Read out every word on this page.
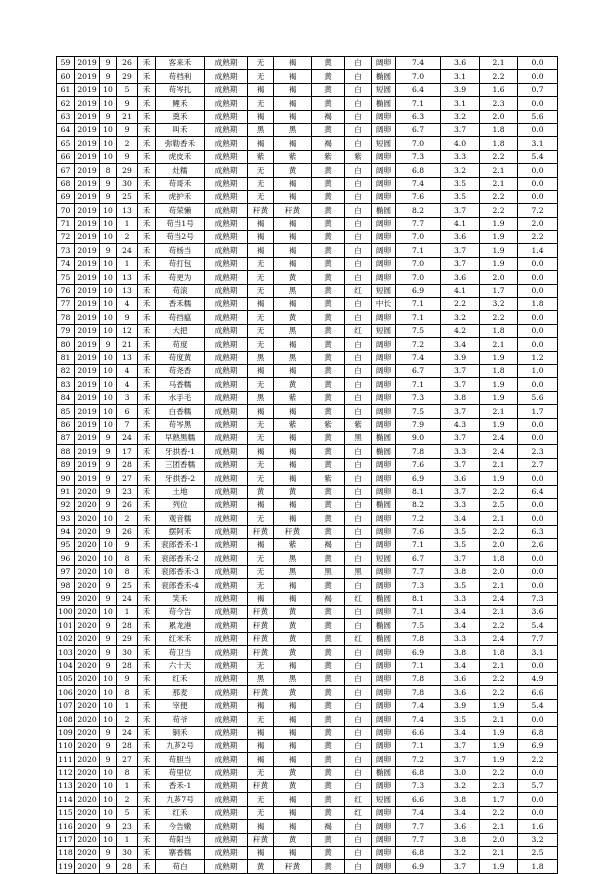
59	2019	9	26	禾	客来禾	成熟期	无	褐	黄	白	阔卵	7.4	3.6	2.1	0.0
60	2019	9	29	禾	苟档利	成熟期	无	褐	黄	白	椭圆	7.0	3.1	2.2	0.0
61	2019	10	5	禾	苟岑扎	成熟期	褐	褐	黄	白	短圆	6.4	3.9	1.6	0.7
62	2019	10	9	禾	鲤禾	成熟期	无	褐	黄	白	椭圆	7.1	3.1	2.3	0.0
63	2019	9	21	禾	奠禾	成熟期	褐	褐	褐	白	阔卵	6.3	3.2	2.0	5.6
64	2019	10	9	禾	叫禾	成熟期	黑	黑	黄	白	阔卵	6.7	3.7	1.8	0.0
65	2019	10	2	禾	弥勒香禾	成熟期	褐	褐	褐	白	短圆	7.0	4.0	1.8	3.1
66	2019	10	9	禾	虎皮禾	成熟期	紫	紫	紫	紫	阔卵	7.3	3.3	2.2	5.4
67	2019	8	29	禾	灶糯	成熟期	无	黄	黄	白	阔卵	6.8	3.2	2.1	0.0
68	2019	9	30	禾	苟哥禾	成熟期	无	褐	黄	白	阔卵	7.4	3.5	2.1	0.0
69	2019	9	25	禾	虎护禾	成熟期	无	褐	黄	白	阔卵	7.6	3.5	2.2	0.0
70	2019	10	13	禾	苟荣懒	成熟期	秆黄	秆黄	黄	白	椭圆	8.2	3.7	2.2	7.2
71	2019	10	1	禾	苟当1号	成熟期	褐	褐	黄	白	阔卵	7.7	4.1	1.9	2.0
72	2019	10	2	禾	苟当2号	成熟期	褐	褐	黄	白	阔卵	7.0	3.6	1.9	2.2
73	2019	9	24	禾	苟杨当	成熟期	褐	褐	黄	白	阔卵	7.1	3.7	1.9	1.4
74	2019	10	1	禾	苟打包	成熟期	无	褐	黄	白	阔卵	7.0	3.7	1.9	0.0
75	2019	10	13	禾	苟更为	成熟期	无	黄	黄	白	阔卵	7.0	3.6	2.0	0.0
76	2019	10	13	禾	苟滚	成熟期	无	黑	黄	红	短圆	6.9	4.1	1.7	0.0
77	2019	10	4	禾	香禾糯	成熟期	褐	褐	黄	白	中长	7.1	2.2	3.2	1.8
78	2019	10	9	禾	苟挡瘟	成熟期	无	黄	黄	白	阔卵	7.1	3.2	2.2	0.0
79	2019	10	12	禾	大把	成熟期	无	黑	黄	红	短圆	7.5	4.2	1.8	0.0
80	2019	9	21	禾	苟度	成熟期	无	褐	黄	白	阔卵	7.2	3.4	2.1	0.0
81	2019	10	13	禾	苟度黄	成熟期	黑	黑	黄	白	阔卵	7.4	3.9	1.9	1.2
82	2019	10	4	禾	苟尧香	成熟期	褐	褐	黄	白	阔卵	6.7	3.7	1.8	1.0
83	2019	10	4	禾	马香糯	成熟期	无	黄	黄	白	阔卵	7.1	3.7	1.9	0.0
84	2019	10	3	禾	水手毛	成熟期	黑	紫	黄	白	阔卵	7.3	3.8	1.9	5.6
85	2019	10	6	禾	白香糯	成熟期	褐	褐	黄	白	阔卵	7.5	3.7	2.1	1.7
86	2019	10	7	禾	苟岑黑	成熟期	无	紫	紫	紫	阔卵	7.9	4.3	1.9	0.0
87	2019	9	24	禾	早熟黑糯	成熟期	无	褐	黄	黑	椭圆	9.0	3.7	2.4	0.0
88	2019	9	17	禾	牙拱香-1	成熟期	褐	褐	黄	白	椭圆	7.8	3.3	2.4	2.3
89	2019	9	28	禾	三团香糯	成熟期	无	褐	黄	白	阔卵	7.6	3.7	2.1	2.7
90	2019	9	27	禾	牙拱香-2	成熟期	无	褐	紫	白	阔卵	6.9	3.6	1.9	0.0
91	2020	9	23	禾	土地	成熟期	黄	黄	黄	白	阔卵	8.1	3.7	2.2	6.4
92	2020	9	26	禾	列位	成熟期	褐	褐	黄	白	椭圆	8.2	3.3	2.5	0.0
93	2020	10	2	禾	观音糯	成熟期	无	褐	黄	白	阔卵	7.2	3.4	2.1	0.0
94	2020	9	26	禾	摆阿禾	成熟期	秆黄	秆黄	黄	白	阔卵	7.6	3.5	2.2	6.3
95	2020	10	9	禾	衮郎香禾-1	成熟期	褐	紫	褐	白	阔卵	7.1	3.5	2.0	2.6
96	2020	10	8	禾	衮郎香禾-2	成熟期	无	黑	黄	白	短圆	6.7	3.7	1.8	0.0
97	2020	10	8	禾	衮郎香禾-3	成熟期	无	黑	黑	黑	阔卵	7.7	3.8	2.0	0.0
98	2020	9	25	禾	衮郎香禾-4	成熟期	无	褐	黄	白	阔卵	7.3	3.5	2.1	0.0
99	2020	9	24	禾	笑禾	成熟期	褐	褐	褐	红	椭圆	8.1	3.3	2.4	7.3
100	2020	10	1	禾	苟今告	成熟期	秆黄	黄	黄	白	阔卵	7.1	3.4	2.1	3.6
101	2020	9	28	禾	累龙港	成熟期	秆黄	黄	黄	白	椭圆	7.5	3.4	2.2	5.4
102	2020	9	29	禾	红米禾	成熟期	秆黄	黄	黄	红	椭圆	7.8	3.3	2.4	7.7
103	2020	9	30	禾	苟卫当	成熟期	秆黄	黄	黄	白	阔卵	6.9	3.8	1.8	3.1
104	2020	9	28	禾	六十天	成熟期	无	褐	黄	白	阔卵	7.1	3.4	2.1	0.0
105	2020	10	9	禾	红禾	成熟期	黑	黑	黄	白	阔卵	7.8	3.6	2.2	4.9
106	2020	10	8	禾	那麦	成熟期	秆黄	黄	黄	白	阔卵	7.8	3.6	2.2	6.6
107	2020	10	1	禾	宰便	成熟期	褐	褐	黄	白	阔卵	7.4	3.9	1.9	5.4
108	2020	10	2	禾	苟爷	成熟期	无	褐	黄	白	阔卵	7.4	3.5	2.1	0.0
109	2020	9	24	禾	铜禾	成熟期	褐	褐	黄	白	阔卵	6.6	3.4	1.9	6.8
110	2020	9	28	禾	九芗2号	成熟期	褐	褐	黄	白	阔卵	7.1	3.7	1.9	6.9
111	2020	9	27	禾	苟胆当	成熟期	褐	褐	黄	白	阔卵	7.2	3.7	1.9	2.2
112	2020	10	8	禾	苟里位	成熟期	无	黄	黄	白	椭圆	6.8	3.0	2.2	0.0
113	2020	10	1	禾	香禾-1	成熟期	秆黄	黄	黄	白	阔卵	7.3	3.2	2.3	5.7
114	2020	10	2	禾	九芗7号	成熟期	无	褐	黄	红	短圆	6.6	3.8	1.7	0.0
115	2020	10	5	禾	红禾	成熟期	无	褐	黄	红	阔卵	7.4	3.4	2.2	0.0
116	2020	9	23	禾	今告嫩	成熟期	褐	褐	褐	白	阔卵	7.7	3.6	2.1	1.6
117	2020	10	1	禾	苟阳当	成熟期	秆黄	黄	黄	白	阔卵	7.7	3.8	2.0	3.2
118	2020	9	30	禾	寨香糯	成熟期	褐	褐	黄	白	阔卵	6.8	3.2	2.1	2.5
119	2020	9	28	禾	苟白	成熟期	黄	秆黄	黄	白	阔卵	6.9	3.7	1.9	1.8
